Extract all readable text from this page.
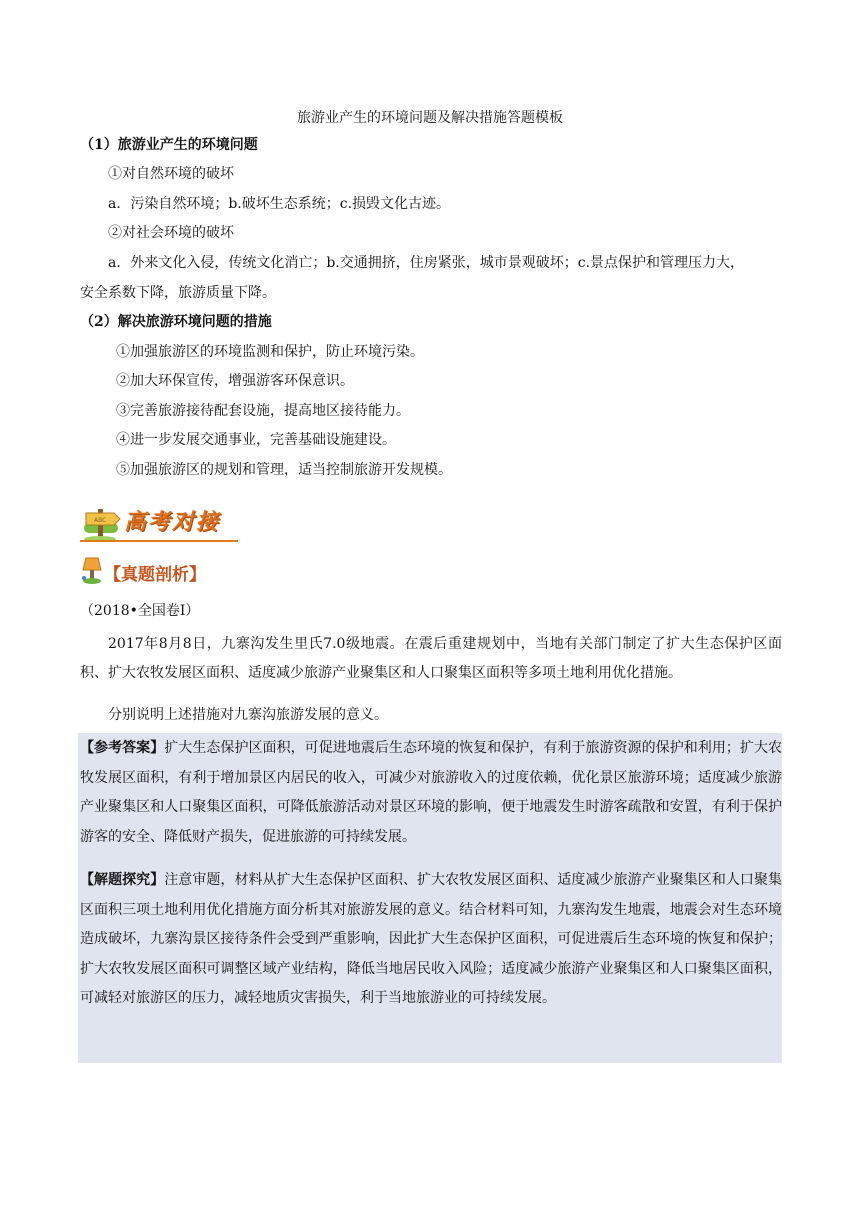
旅游业产生的环境问题及解决措施答题模板
（1）旅游业产生的环境问题
①对自然环境的破坏
a．污染自然环境；b.破坏生态系统；c.损毁文化古迹。
②对社会环境的破坏
a．外来文化入侵，传统文化消亡；b.交通拥挤，住房紧张，城市景观破坏；c.景点保护和管理压力大，
安全系数下降，旅游质量下降。
（2）解决旅游环境问题的措施
①加强旅游区的环境监测和保护，防止环境污染。
②加大环保宣传，增强游客环保意识。
③完善旅游接待配套设施，提高地区接待能力。
④进一步发展交通事业，完善基础设施建设。
⑤加强旅游区的规划和管理，适当控制旅游开发规模。
ABC 高考对接
【真题剖析】
（2018•全国卷Ⅰ）
2017年8月8日，九寨沟发生里氏7.0级地震。在震后重建规划中，当地有关部门制定了扩大生态保护区面积、扩大农牧发展区面积、适度减少旅游产业聚集区和人口聚集区面积等多项土地利用优化措施。
分别说明上述措施对九寨沟旅游发展的意义。
【参考答案】扩大生态保护区面积，可促进地震后生态环境的恢复和保护，有利于旅游资源的保护和利用；扩大农牧发展区面积，有利于增加景区内居民的收入，可减少对旅游收入的过度依赖，优化景区旅游环境；适度减少旅游产业聚集区和人口聚集区面积，可降低旅游活动对景区环境的影响，便于地震发生时游客疏散和安置，有利于保护游客的安全、降低财产损失，促进旅游的可持续发展。
【解题探究】注意审题，材料从扩大生态保护区面积、扩大农牧发展区面积、适度减少旅游产业聚集区和人口聚集区面积三项土地利用优化措施方面分析其对旅游发展的意义。结合材料可知，九寨沟发生地震，地震会对生态环境造成破坏，九寨沟景区接待条件会受到严重影响，因此扩大生态保护区面积，可促进震后生态环境的恢复和保护；扩大农牧发展区面积可调整区域产业结构，降低当地居民收入风险；适度减少旅游产业聚集区和人口聚集区面积，可减轻对旅游区的压力，减轻地质灾害损失，利于当地旅游业的可持续发展。
